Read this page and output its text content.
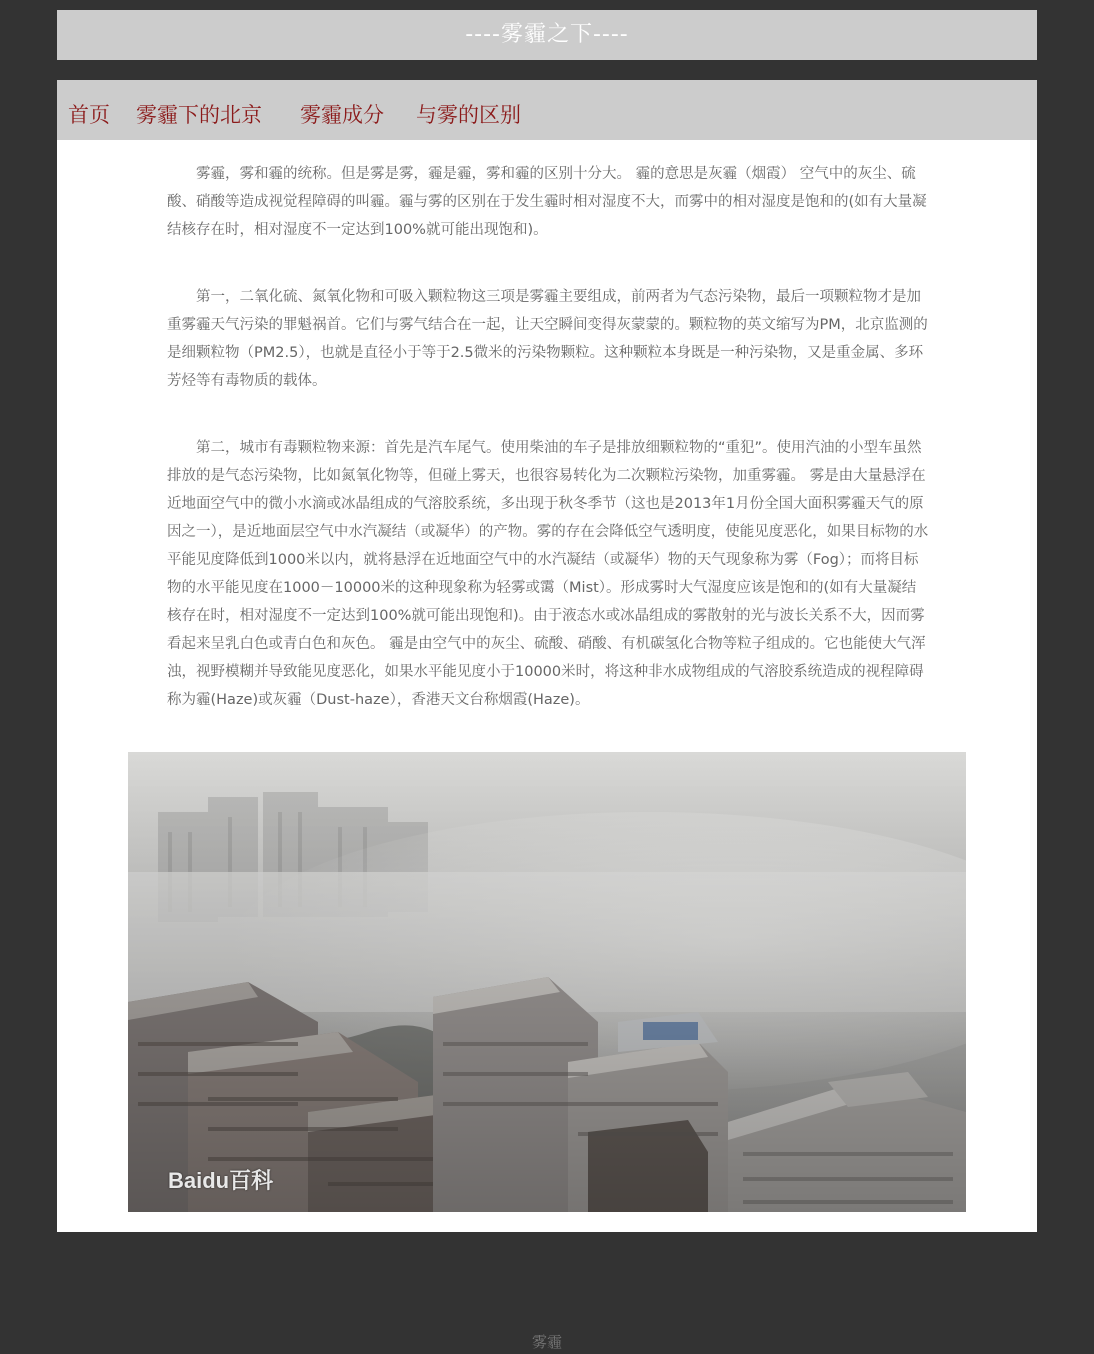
----雾霾之下----
首页 雾霾下的北京 雾霾成分 与雾的区别

雾霾，雾和霾的统称。但是雾是雾，霾是霾，雾和霾的区别十分大。 霾的意思是灰霾（烟霞） 空气中的灰尘、硫酸、硝酸等造成视觉程障碍的叫霾。霾与雾的区别在于发生霾时相对湿度不大，而雾中的相对湿度是饱和的(如有大量凝结核存在时，相对湿度不一定达到100%就可能出现饱和)。

第一，二氧化硫、氮氧化物和可吸入颗粒物这三项是雾霾主要组成，前两者为气态污染物，最后一项颗粒物才是加重雾霾天气污染的罪魁祸首。它们与雾气结合在一起，让天空瞬间变得灰蒙蒙的。颗粒物的英文缩写为PM，北京监测的是细颗粒物（PM2.5），也就是直径小于等于2.5微米的污染物颗粒。这种颗粒本身既是一种污染物，又是重金属、多环芳烃等有毒物质的载体。

第二，城市有毒颗粒物来源：首先是汽车尾气。使用柴油的车子是排放细颗粒物的“重犯”。使用汽油的小型车虽然排放的是气态污染物，比如氮氧化物等，但碰上雾天，也很容易转化为二次颗粒污染物，加重雾霾。 雾是由大量悬浮在近地面空气中的微小水滴或冰晶组成的气溶胶系统，多出现于秋冬季节（这也是2013年1月份全国大面积雾霾天气的原因之一），是近地面层空气中水汽凝结（或凝华）的产物。雾的存在会降低空气透明度，使能见度恶化，如果目标物的水平能见度降低到1000米以内，就将悬浮在近地面空气中的水汽凝结（或凝华）物的天气现象称为雾（Fog）；而将目标物的水平能见度在1000－10000米的这种现象称为轻雾或霭（Mist）。形成雾时大气湿度应该是饱和的(如有大量凝结核存在时，相对湿度不一定达到100%就可能出现饱和)。由于液态水或冰晶组成的雾散射的光与波长关系不大，因而雾看起来呈乳白色或青白色和灰色。 霾是由空气中的灰尘、硫酸、硝酸、有机碳氢化合物等粒子组成的。它也能使大气浑浊，视野模糊并导致能见度恶化，如果水平能见度小于10000米时，将这种非水成物组成的气溶胶系统造成的视程障碍称为霾(Haze)或灰霾（Dust-haze），香港天文台称烟霞(Haze)。

Baidu百科
雾霾
